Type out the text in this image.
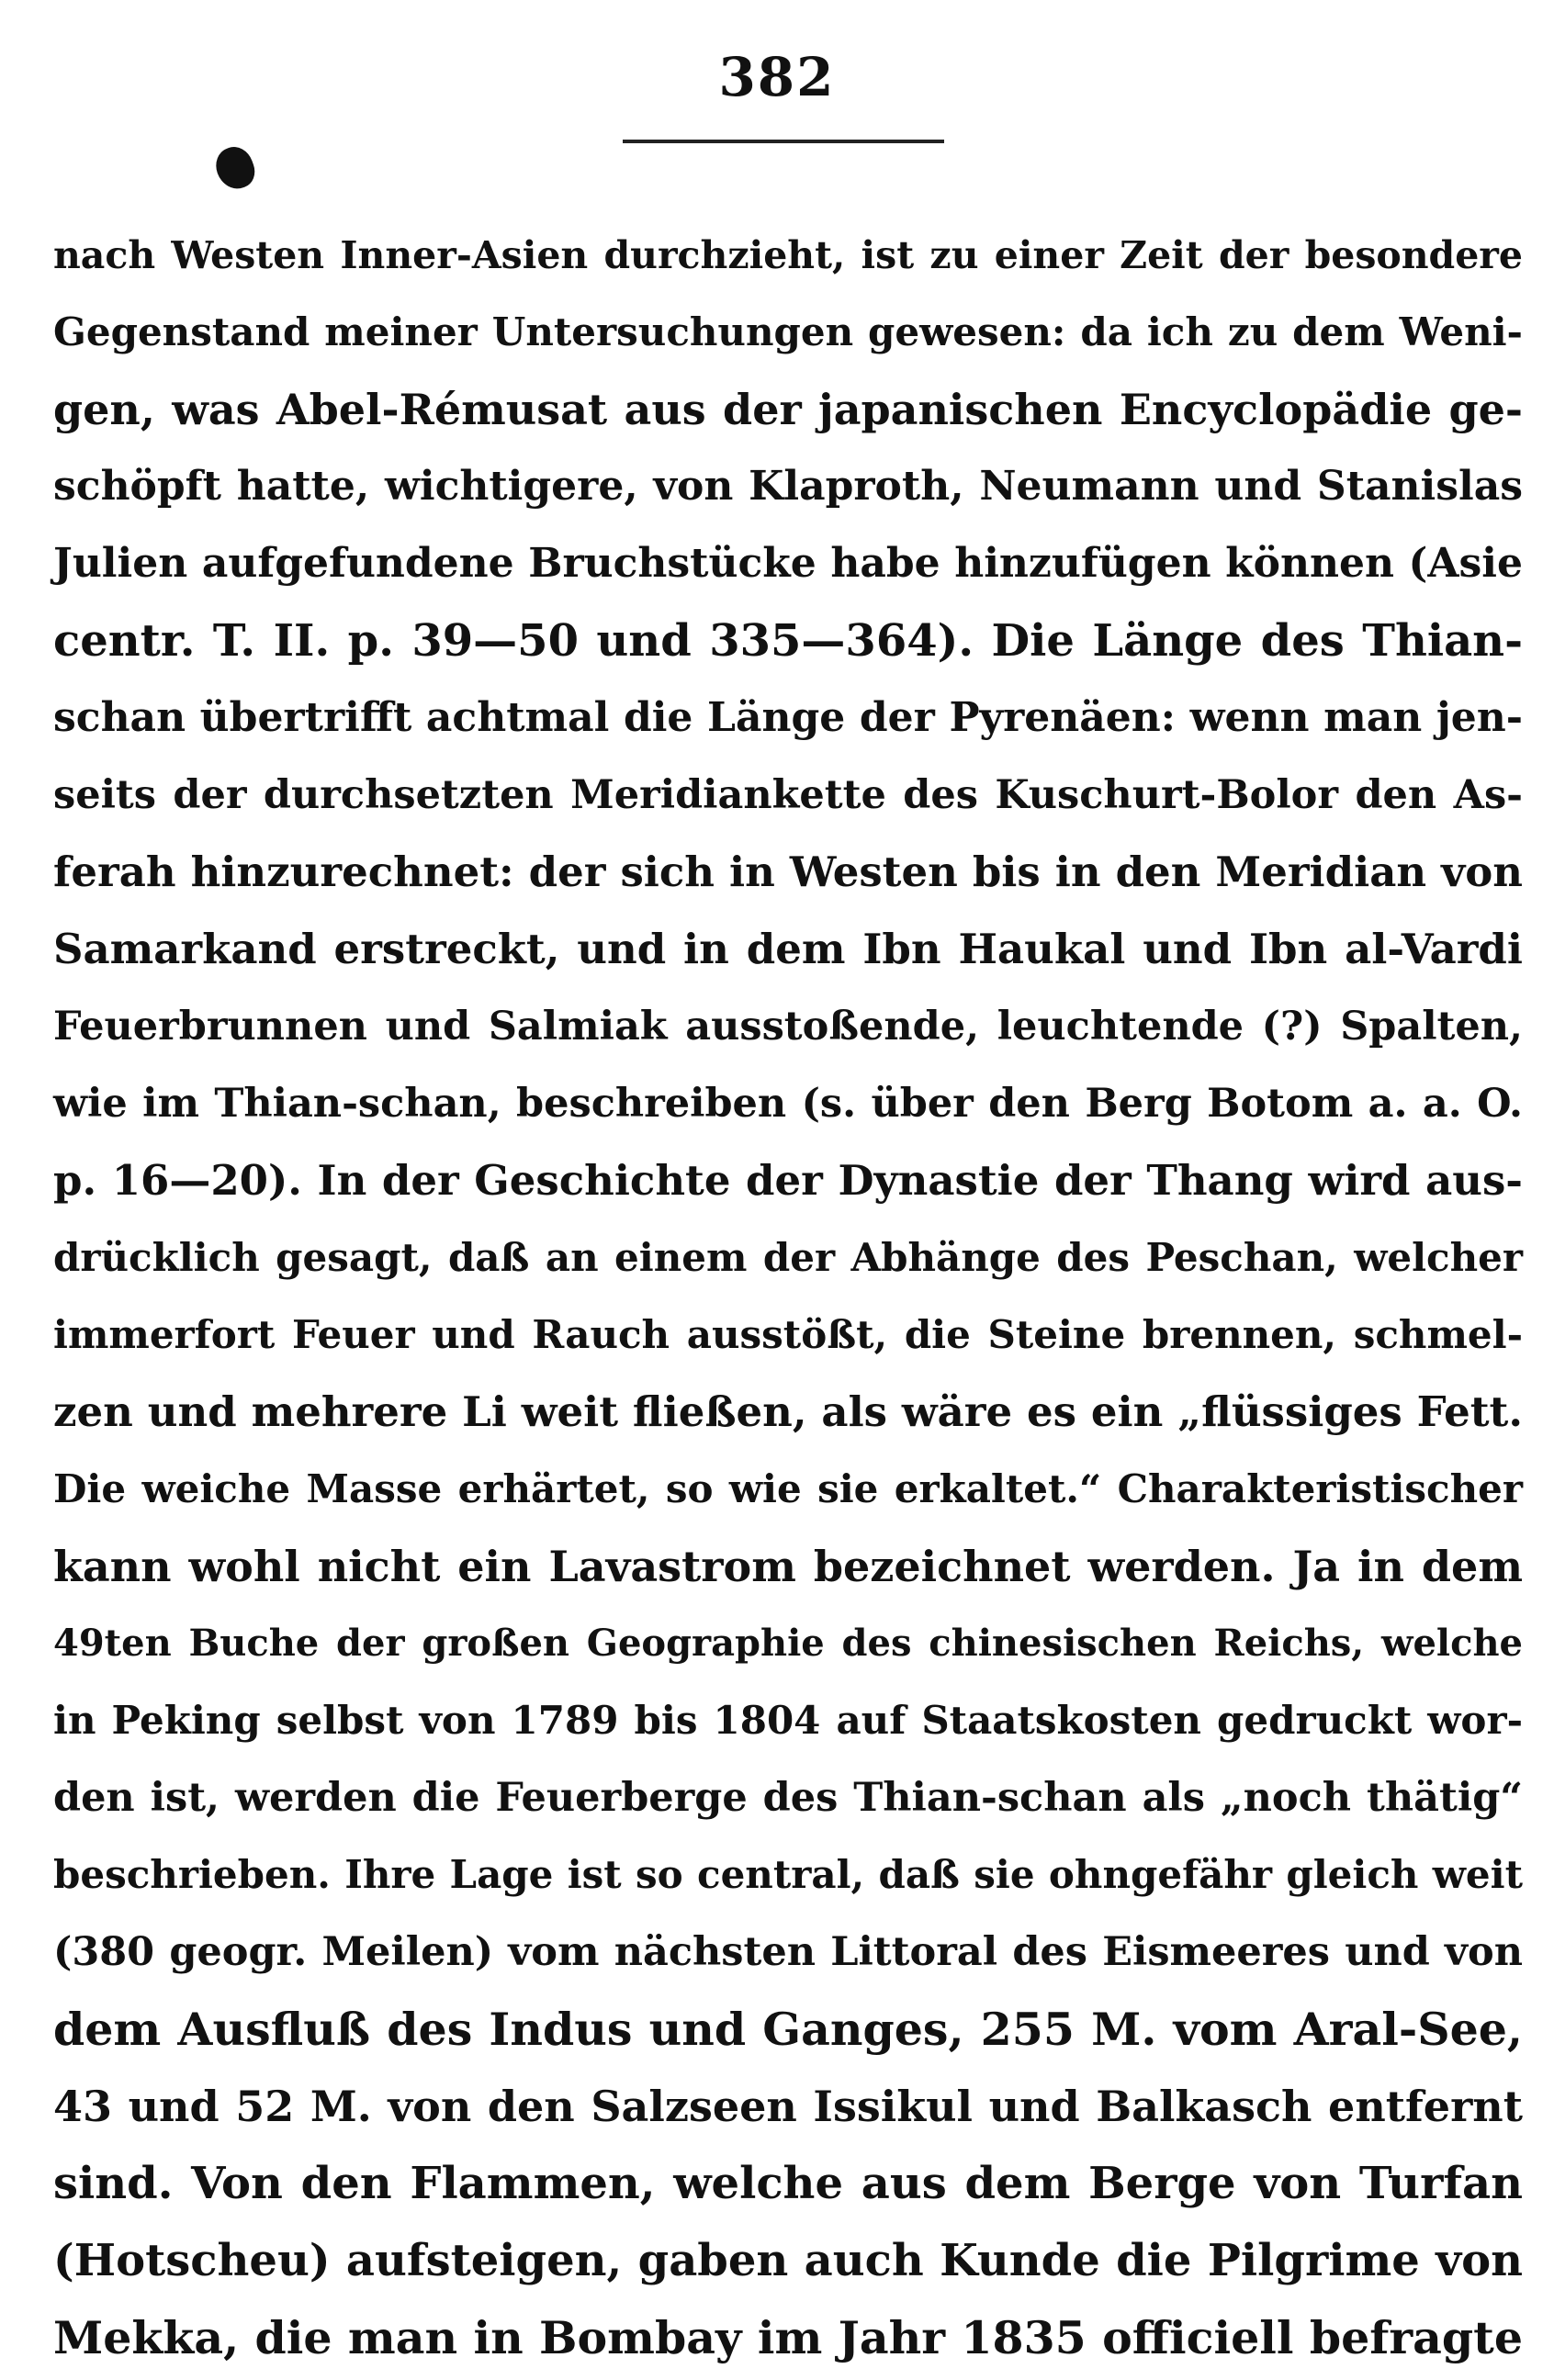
382
nach Westen Inner-Asien durchzieht, ist zu einer Zeit der besondere
Gegenstand meiner Untersuchungen gewesen: da ich zu dem Weni-
gen, was Abel-Rémusat aus der japanischen Encyclopädie ge-
schöpft hatte, wichtigere, von Klaproth, Neumann und Stanislas
Julien aufgefundene Bruchstücke habe hinzufügen können (Asie
centr. T. II. p. 39—50 und 335—364). Die Länge des Thian-
schan übertrifft achtmal die Länge der Pyrenäen: wenn man jen-
seits der durchsetzten Meridiankette des Kuschurt-Bolor den As-
ferah hinzurechnet: der sich in Westen bis in den Meridian von
Samarkand erstreckt, und in dem Ibn Haukal und Ibn al-Vardi
Feuerbrunnen und Salmiak ausstoßende, leuchtende (?) Spalten,
wie im Thian-schan, beschreiben (s. über den Berg Botom a. a. O.
p. 16—20). In der Geschichte der Dynastie der Thang wird aus-
drücklich gesagt, daß an einem der Abhänge des Peschan, welcher
immerfort Feuer und Rauch ausstößt, die Steine brennen, schmel-
zen und mehrere Li weit fließen, als wäre es ein „flüssiges Fett.
Die weiche Masse erhärtet, so wie sie erkaltet.“ Charakteristischer
kann wohl nicht ein Lavastrom bezeichnet werden. Ja in dem
49ten Buche der großen Geographie des chinesischen Reichs, welche
in Peking selbst von 1789 bis 1804 auf Staatskosten gedruckt wor-
den ist, werden die Feuerberge des Thian-schan als „noch thätig“
beschrieben. Ihre Lage ist so central, daß sie ohngefähr gleich weit
(380 geogr. Meilen) vom nächsten Littoral des Eismeeres und von
dem Ausfluß des Indus und Ganges, 255 M. vom Aral-See,
43 und 52 M. von den Salzseen Issikul und Balkasch entfernt
sind. Von den Flammen, welche aus dem Berge von Turfan
(Hotscheu) aufsteigen, gaben auch Kunde die Pilgrime von
Mekka, die man in Bombay im Jahr 1835 officiell befragte
